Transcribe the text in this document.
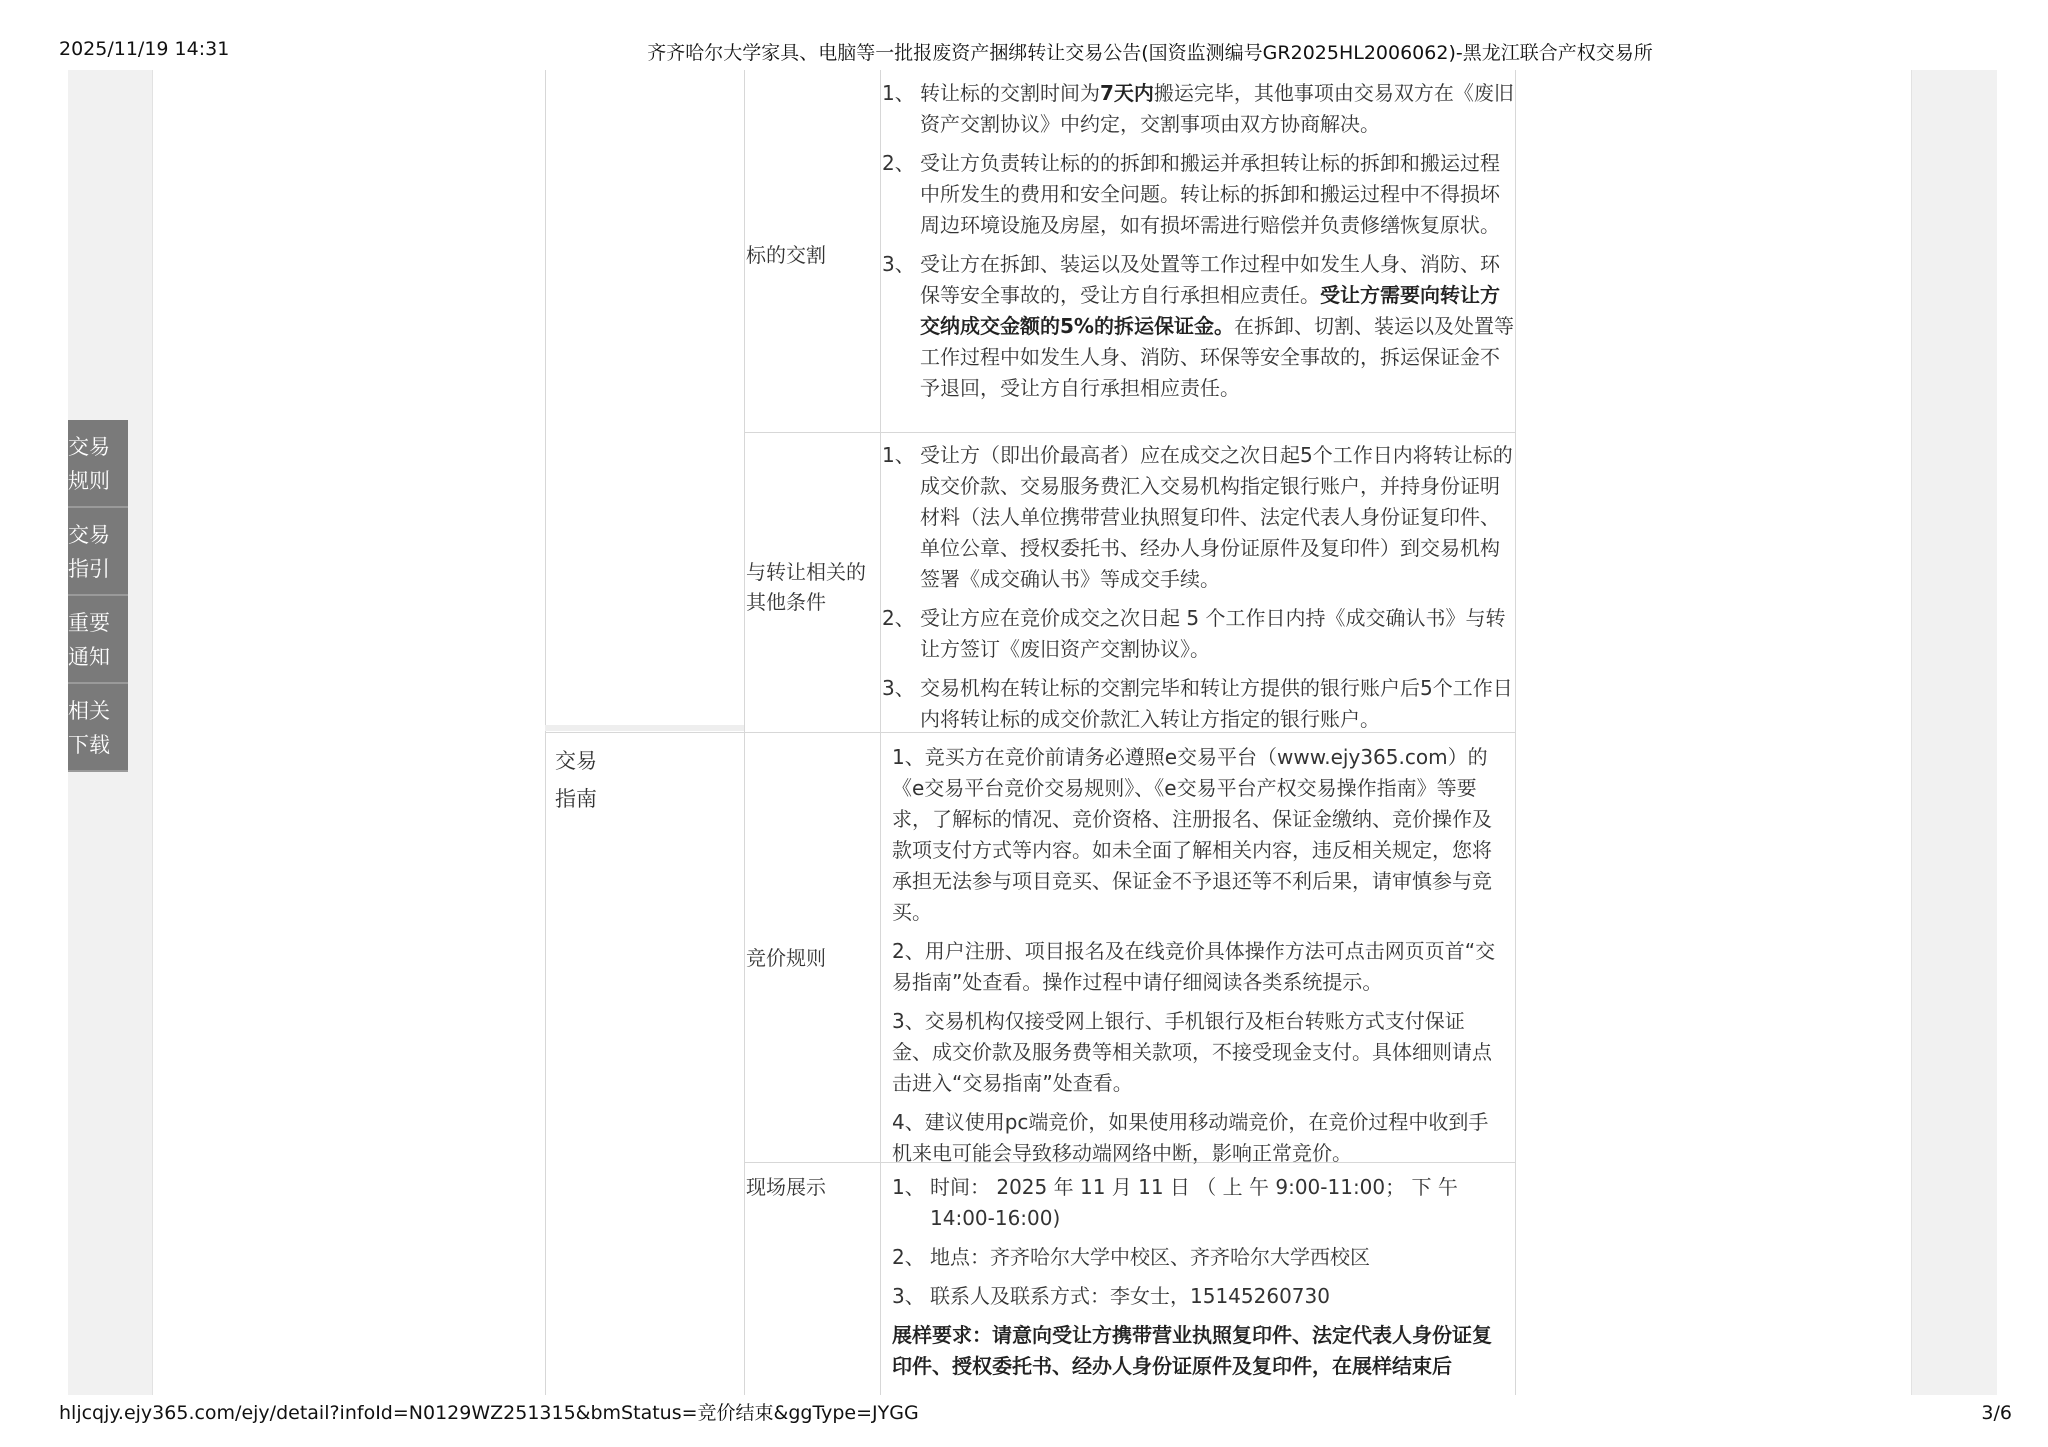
2025/11/19 14:31	齐齐哈尔大学家具、电脑等一批报废资产捆绑转让交易公告(国资监测编号GR2025HL2006062)-黑龙江联合产权交易所
hljcqjy.ejy365.com/ejy/detail?infoId=N0129WZ251315&bmStatus=竞价结束&ggType=JYGG	3/6
交易
规则
交易
指引
重要
通知
相关
下载
标的交割
1、 转让标的交割时间为7天内搬运完毕，其他事项由交易双方在《废旧资产交割协议》中约定，交割事项由双方协商解决。
2、 受让方负责转让标的的拆卸和搬运并承担转让标的拆卸和搬运过程中所发生的费用和安全问题。转让标的拆卸和搬运过程中不得损坏周边环境设施及房屋，如有损坏需进行赔偿并负责修缮恢复原状。
3、 受让方在拆卸、装运以及处置等工作过程中如发生人身、消防、环保等安全事故的，受让方自行承担相应责任。受让方需要向转让方交纳成交金额的5%的拆运保证金。在拆卸、切割、装运以及处置等工作过程中如发生人身、消防、环保等安全事故的，拆运保证金不予退回，受让方自行承担相应责任。
与转让相关的其他条件
1、 受让方（即出价最高者）应在成交之次日起5个工作日内将转让标的成交价款、交易服务费汇入交易机构指定银行账户，并持身份证明材料（法人单位携带营业执照复印件、法定代表人身份证复印件、单位公章、授权委托书、经办人身份证原件及复印件）到交易机构签署《成交确认书》等成交手续。
2、 受让方应在竞价成交之次日起 5 个工作日内持《成交确认书》与转让方签订《废旧资产交割协议》。
3、 交易机构在转让标的交割完毕和转让方提供的银行账户后5个工作日内将转让标的成交价款汇入转让方指定的银行账户。
交易
指南
竞价规则
1、竞买方在竞价前请务必遵照e交易平台（www.ejy365.com）的《e交易平台竞价交易规则》、《e交易平台产权交易操作指南》等要求，了解标的情况、竞价资格、注册报名、保证金缴纳、竞价操作及款项支付方式等内容。如未全面了解相关内容，违反相关规定，您将承担无法参与项目竞买、保证金不予退还等不利后果，请审慎参与竞买。
2、用户注册、项目报名及在线竞价具体操作方法可点击网页页首“交易指南”处查看。操作过程中请仔细阅读各类系统提示。
3、交易机构仅接受网上银行、手机银行及柜台转账方式支付保证金、成交价款及服务费等相关款项，不接受现金支付。具体细则请点击进入“交易指南”处查看。
4、建议使用pc端竞价，如果使用移动端竞价，在竞价过程中收到手机来电可能会导致移动端网络中断，影响正常竞价。
现场展示	1、 时间： 2025 年 11 月 11 日 （ 上 午 9:00-11:00； 下 午 14:00-16:00)
2、 地点：齐齐哈尔大学中校区、齐齐哈尔大学西校区
3、 联系人及联系方式：李女士，15145260730
展样要求：请意向受让方携带营业执照复印件、法定代表人身份证复印件、授权委托书、经办人身份证原件及复印件，在展样结束后
